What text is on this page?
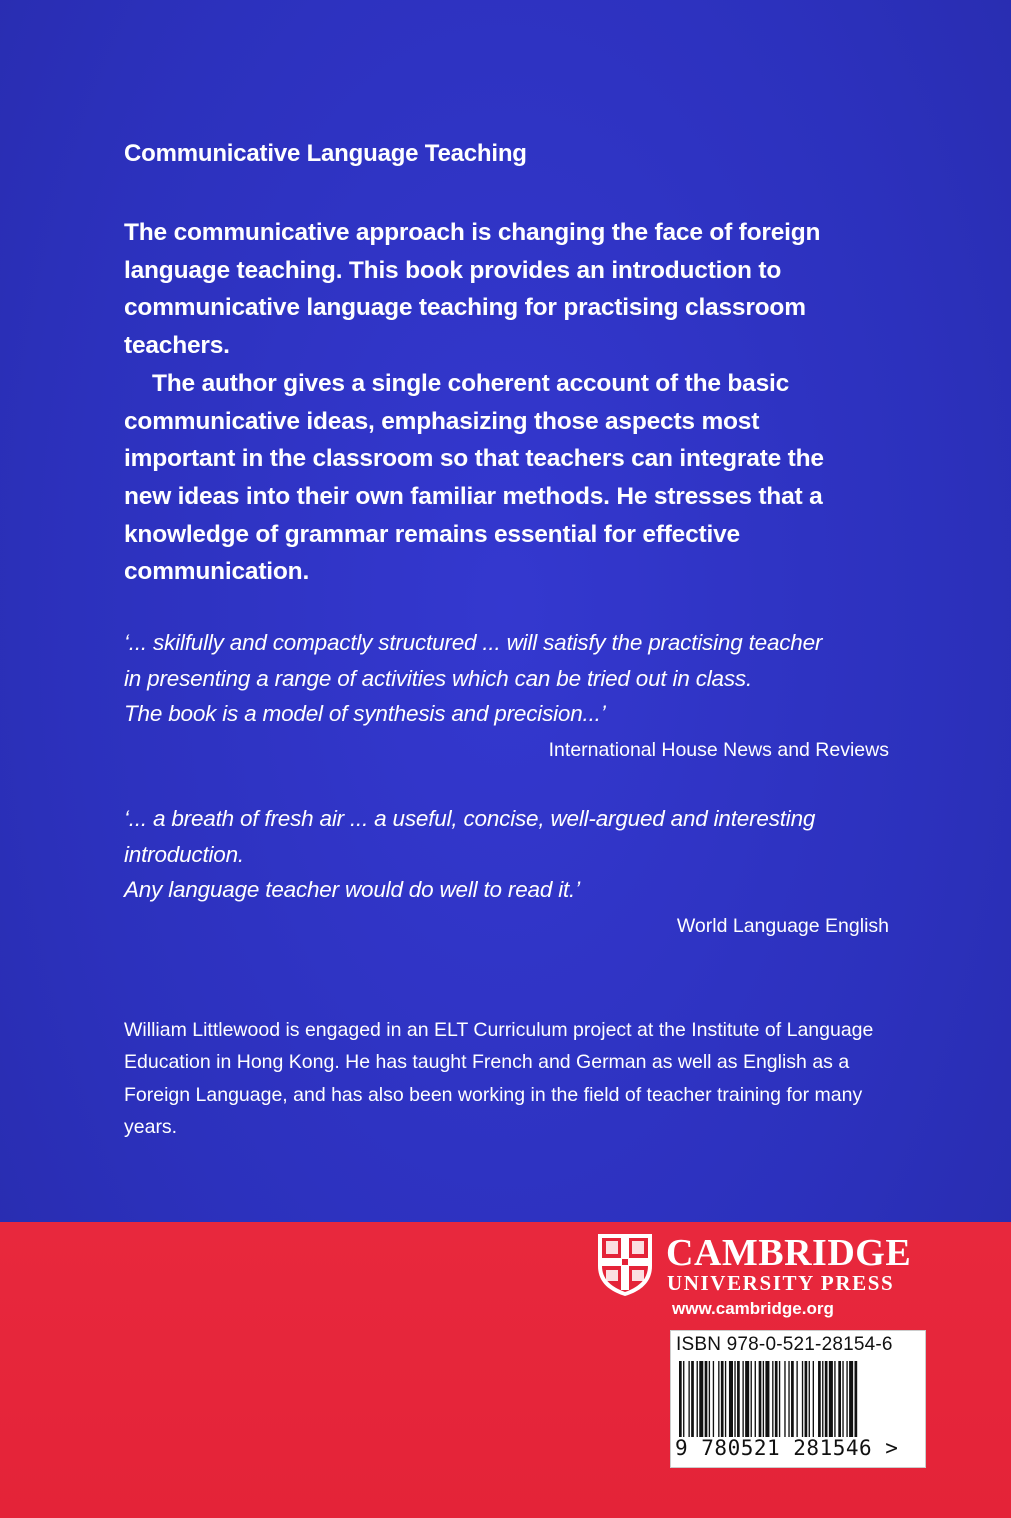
Communicative Language Teaching

The communicative approach is changing the face of foreign language teaching. This book provides an introduction to communicative language teaching for practising classroom teachers.

The author gives a single coherent account of the basic communicative ideas, emphasizing those aspects most important in the classroom so that teachers can integrate the new ideas into their own familiar methods. He stresses that a knowledge of grammar remains essential for effective communication.

‘... skilfully and compactly structured ... will satisfy the practising teacher
in presenting a range of activities which can be tried out in class.
The book is a model of synthesis and precision...’
International House News and Reviews
‘... a breath of fresh air ... a useful, concise, well-argued and interesting
introduction.
Any language teacher would do well to read it.’
World Language English

William Littlewood is engaged in an ELT Curriculum project at the Institute of Language Education in Hong Kong. He has taught French and German as well as English as a Foreign Language, and has also been working in the field of teacher training for many years.

CAMBRIDGE
UNIVERSITY PRESS
www.cambridge.org
ISBN 978-0-521-28154-6
9 780521 281546 >
